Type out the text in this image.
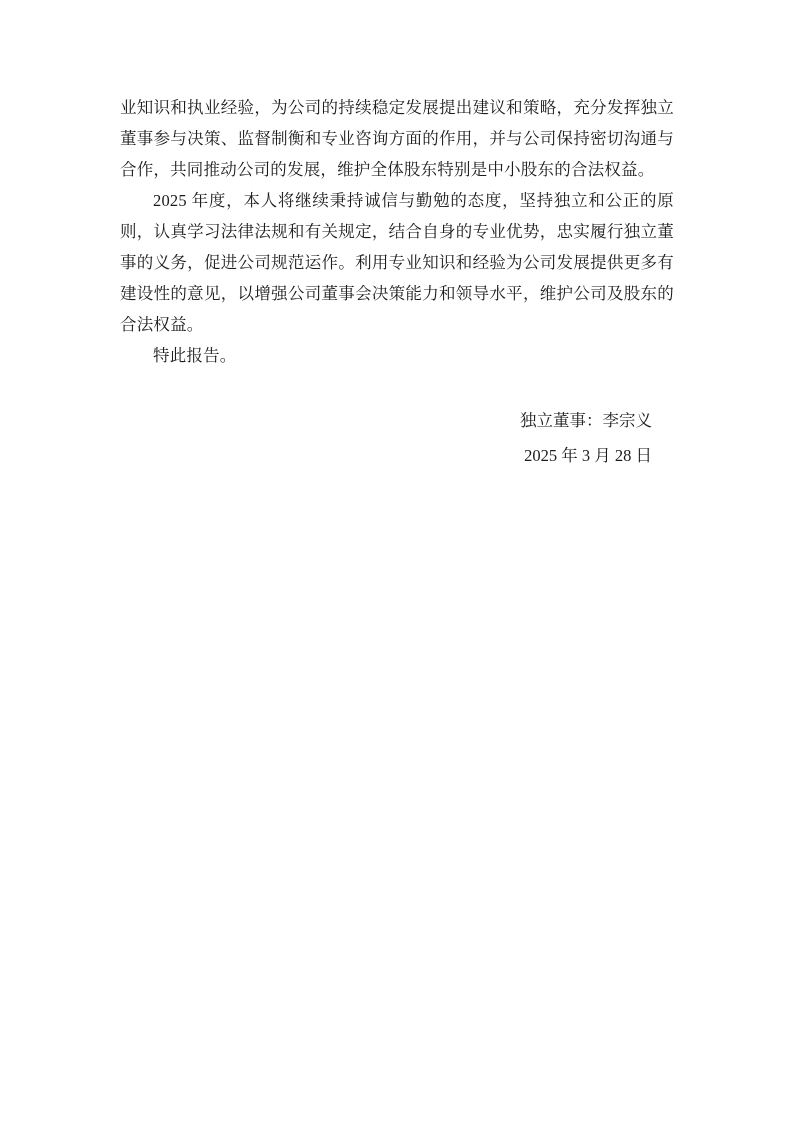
业知识和执业经验，为公司的持续稳定发展提出建议和策略，充分发挥独立董事参与决策、监督制衡和专业咨询方面的作用，并与公司保持密切沟通与合作，共同推动公司的发展，维护全体股东特别是中小股东的合法权益。

2025 年度，本人将继续秉持诚信与勤勉的态度，坚持独立和公正的原则，认真学习法律法规和有关规定，结合自身的专业优势，忠实履行独立董事的义务，促进公司规范运作。利用专业知识和经验为公司发展提供更多有建设性的意见，以增强公司董事会决策能力和领导水平，维护公司及股东的合法权益。

特此报告。

独立董事：李宗义
2025 年 3 月 28 日
